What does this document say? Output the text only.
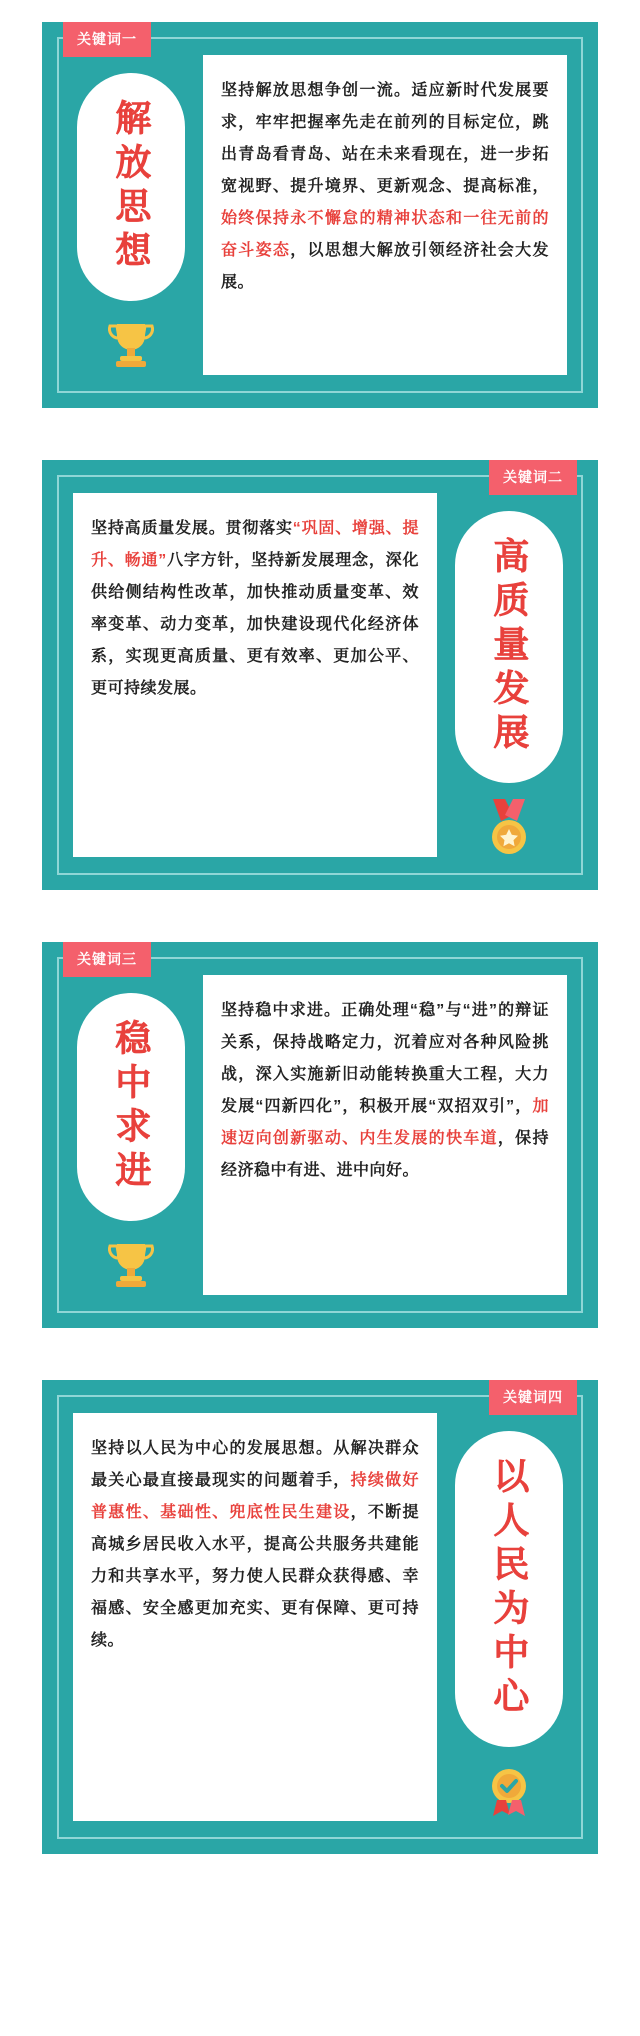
关键词一
解放思想

坚持解放思想争创一流。适应新时代发展要求，牢牢把握率先走在前列的目标定位，跳出青岛看青岛、站在未来看现在，进一步拓宽视野、提升境界、更新观念、提高标准，始终保持永不懈怠的精神状态和一往无前的奋斗姿态，以思想大解放引领经济社会大发展。

关键词二
高质量发展

坚持高质量发展。贯彻落实“巩固、增强、提升、畅通”八字方针，坚持新发展理念，深化供给侧结构性改革，加快推动质量变革、效率变革、动力变革，加快建设现代化经济体系，实现更高质量、更有效率、更加公平、更可持续发展。

关键词三
稳中求进

坚持稳中求进。正确处理“稳”与“进”的辩证关系，保持战略定力，沉着应对各种风险挑战，深入实施新旧动能转换重大工程，大力发展“四新四化”，积极开展“双招双引”，加速迈向创新驱动、内生发展的快车道，保持经济稳中有进、进中向好。

关键词四
以人民为中心

坚持以人民为中心的发展思想。从解决群众最关心最直接最现实的问题着手，持续做好普惠性、基础性、兜底性民生建设，不断提高城乡居民收入水平，提高公共服务共建能力和共享水平，努力使人民群众获得感、幸福感、安全感更加充实、更有保障、更可持续。
